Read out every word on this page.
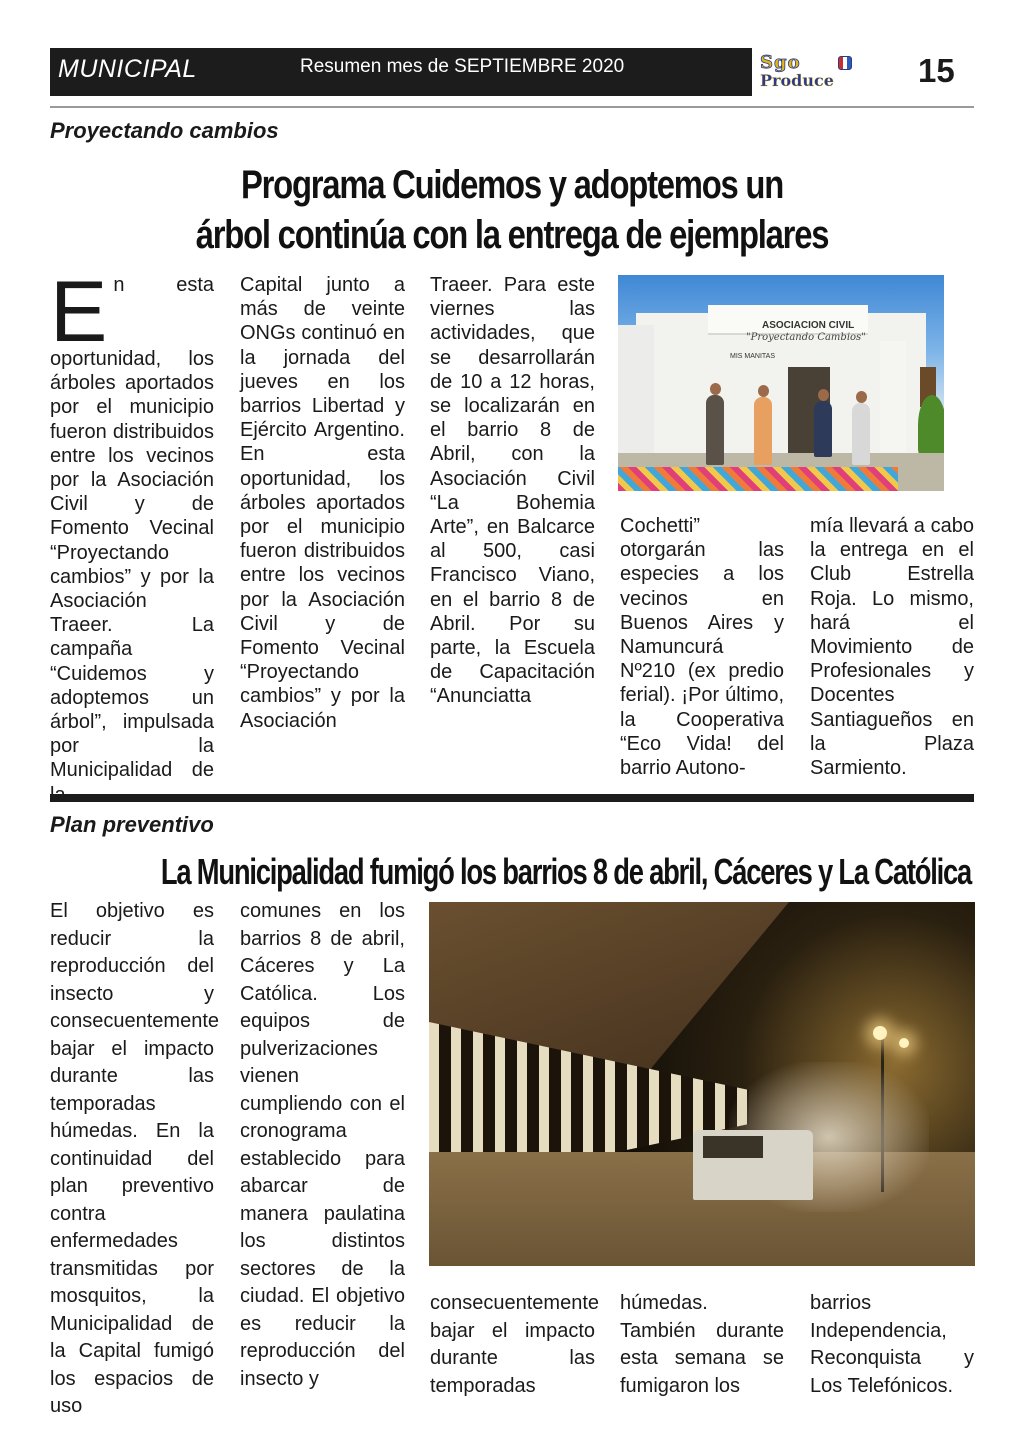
MUNICIPAL	Resumen mes de SEPTIEMBRE 2020	Sgo
Produce	15
Proyectando cambios
Programa Cuidemos y adoptemos un
árbol continúa con la entrega de ejemplares
E n esta oportunidad, los árboles aportados por el municipio fueron distribuidos entre los vecinos por la Asociación Civil y de Fomento Vecinal “Proyectando cambios” y por la Asociación Traeer. La campaña “Cuidemos y adoptemos un árbol”, impulsada por la Municipalidad de
Capital junto a más de veinte ONGs continuó en la jornada del jueves en los barrios Libertad y Ejército Argentino. En esta oportunidad, los árboles aportados por el municipio fueron distribuidos entre los vecinos por la Asociación Civil y de Fomento Vecinal “Proyectando cambios” y por la Asociación
Traeer. Para este viernes las actividades, que se desarrollarán de 10 a 12 horas, se localizarán en el barrio 8 de Abril, con la Asociación Civil “La Bohemia Arte”, en Balcarce al 500, casi Francisco Viano, en el barrio 8 de Abril. Por su parte, la Escuela de Capacitación “Anunciatta
Cochetti” otorgarán las especies a los vecinos en Buenos Aires y Namuncurá Nº210 (ex predio ferial). ¡Por último, la Cooperativa “Eco Vida! del barrio Autono-
mía llevará a cabo la entrega en el Club Estrella Roja. Lo mismo, hará el Movimiento de Profesionales y Docentes Santiagueños en la Plaza Sarmiento.
ASOCIACION CIVIL
"Proyectando Cambios"
MIS MANITAS
Plan preventivo
La Municipalidad fumigó los barrios 8 de abril, Cáceres y La Católica
El objetivo es reducir la reproducción del insecto y consecuentemente bajar el impacto durante las temporadas húmedas. En la continuidad del plan preventivo contra enfermedades transmitidas por mosquitos, la Municipalidad de la Capital fumigó los espacios de uso
comunes en los barrios 8 de abril, Cáceres y La Católica. Los equipos de pulverizaciones vienen cumpliendo con el cronograma establecido para abarcar de manera paulatina los distintos sectores de la ciudad. El objetivo es reducir la reproducción del insecto y
consecuentemente bajar el impacto durante las temporadas
húmedas. También durante esta semana se fumigaron los
barrios Independencia, Reconquista y Los Telefónicos.
